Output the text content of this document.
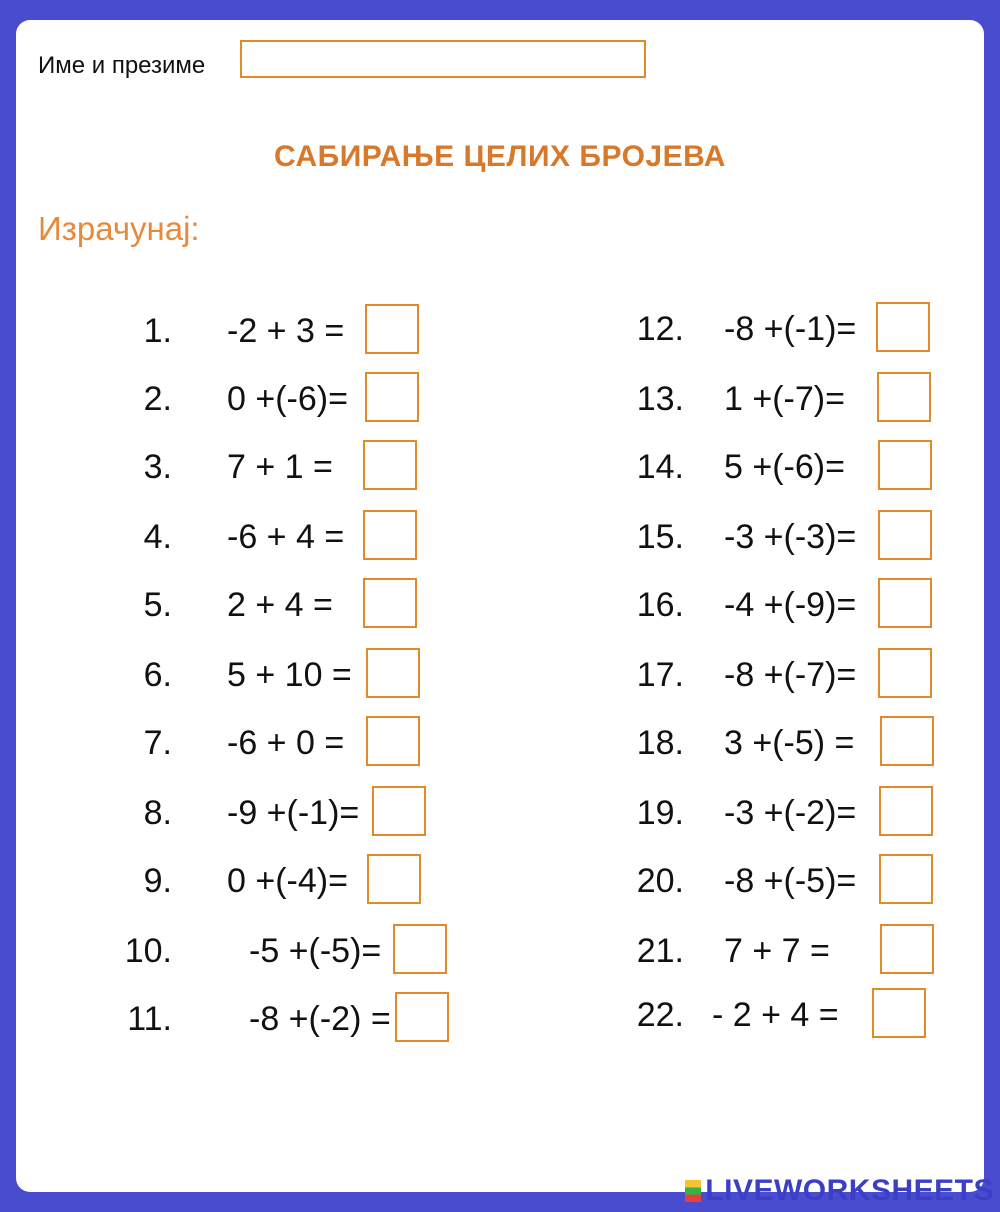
Име и презиме
САБИРАЊЕ ЦЕЛИХ БРОЈЕВА
Израчунај:
1. -2 + 3 =
2. 0 +(-6)=
3. 7 + 1 =
4. -6 + 4 =
5. 2 + 4 =
6. 5 + 10 =
7. -6 + 0 =
8. -9 +(-1)=
9. 0 +(-4)=
10. -5 +(-5)=
11. -8 +(-2) =
12. -8 +(-1)=
13. 1 +(-7)=
14. 5 +(-6)=
15. -3 +(-3)=
16. -4 +(-9)=
17. -8 +(-7)=
18. 3 +(-5) =
19. -3 +(-2)=
20. -8 +(-5)=
21. 7 + 7 =
22. - 2 + 4 =
LIVEWORKSHEETS
